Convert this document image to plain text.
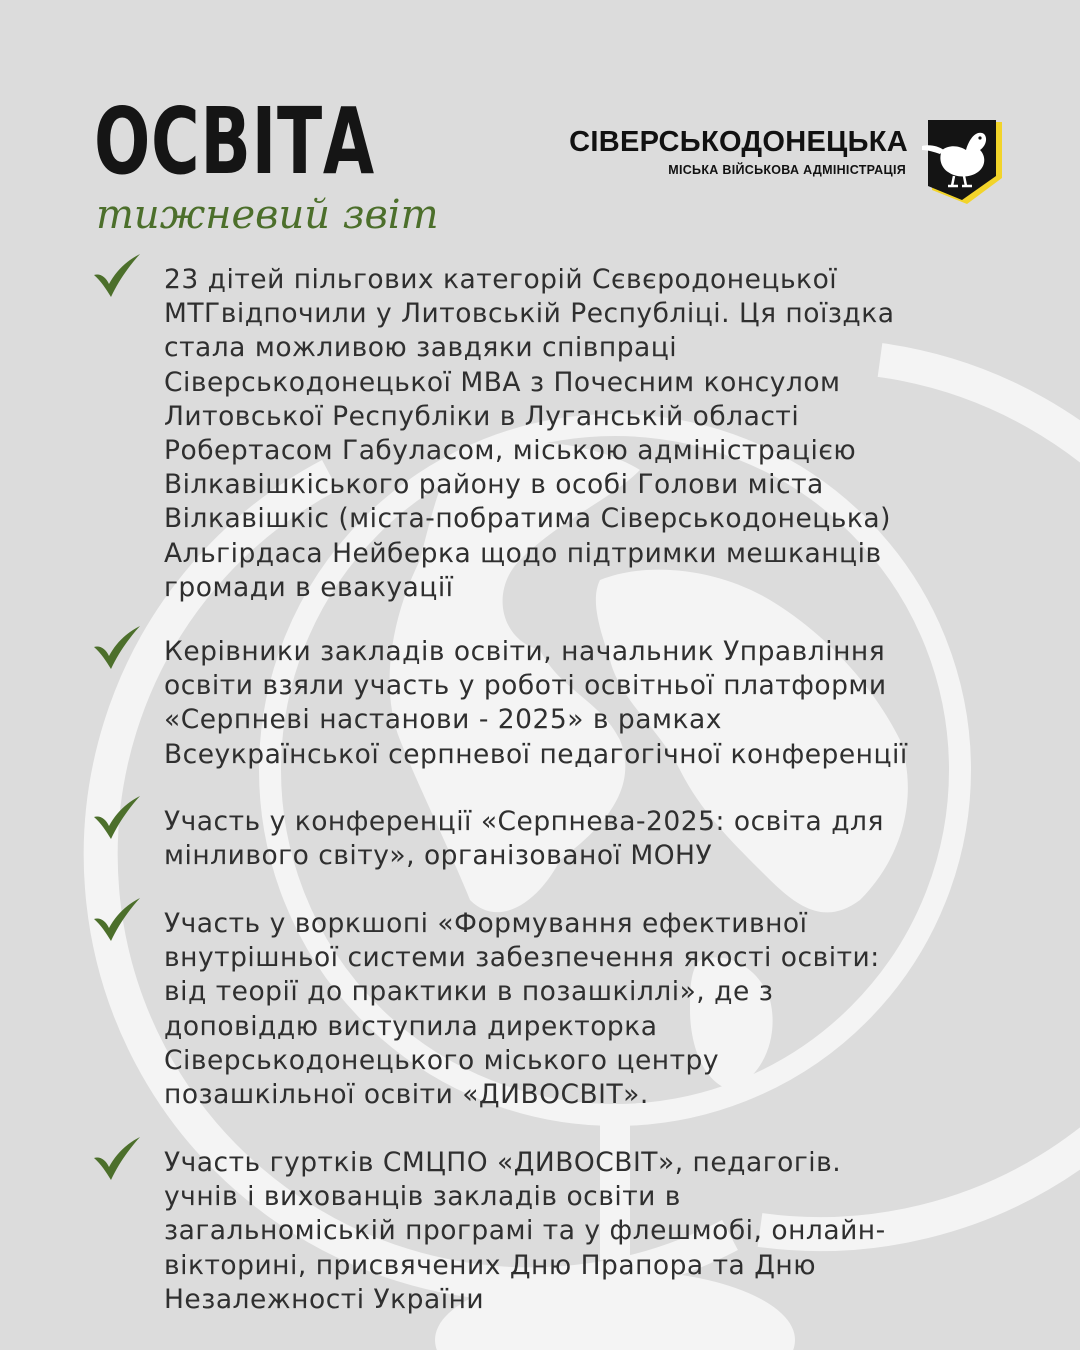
ОСВІТА
тижневий звіт
СІВЕРСЬКОДОНЕЦЬКА
МІСЬКА ВІЙСЬКОВА АДМІНІСТРАЦІЯ

23 дітей пільгових категорій Сєвєродонецької
МТГвідпочили у Литовській Республіці. Ця поїздка
стала можливою завдяки співпраці
Сіверськодонецької МВА з Почесним консулом
Литовської Республіки в Луганській області
Робертасом Габуласом, міською адміністрацією
Вілкавішкіського району в особі Голови міста
Вілкавішкіс (міста-побратима Сіверськодонецька)
Альгірдаса Нейберка щодо підтримки мешканців
громади в евакуації

Керівники закладів освіти, начальник Управління
освіти взяли участь у роботі освітньої платформи
«Серпневі настанови - 2025» в рамках
Всеукраїнської серпневої педагогічної конференції

Участь у конференції «Серпнева-2025: освіта для
мінливого світу», організованої МОНУ

Участь у воркшопі «Формування ефективної
внутрішньої системи забезпечення якості освіти:
від теорії до практики в позашкіллі», де з
доповіддю виступила директорка
Сіверськодонецького міського центру
позашкільної освіти «ДИВОСВІТ».

Участь гуртків СМЦПО «ДИВОСВІТ», педагогів.
учнів і вихованців закладів освіти в
загальноміській програмі та у флешмобі, онлайн-
вікторині, присвячених Дню Прапора та Дню
Незалежності України
